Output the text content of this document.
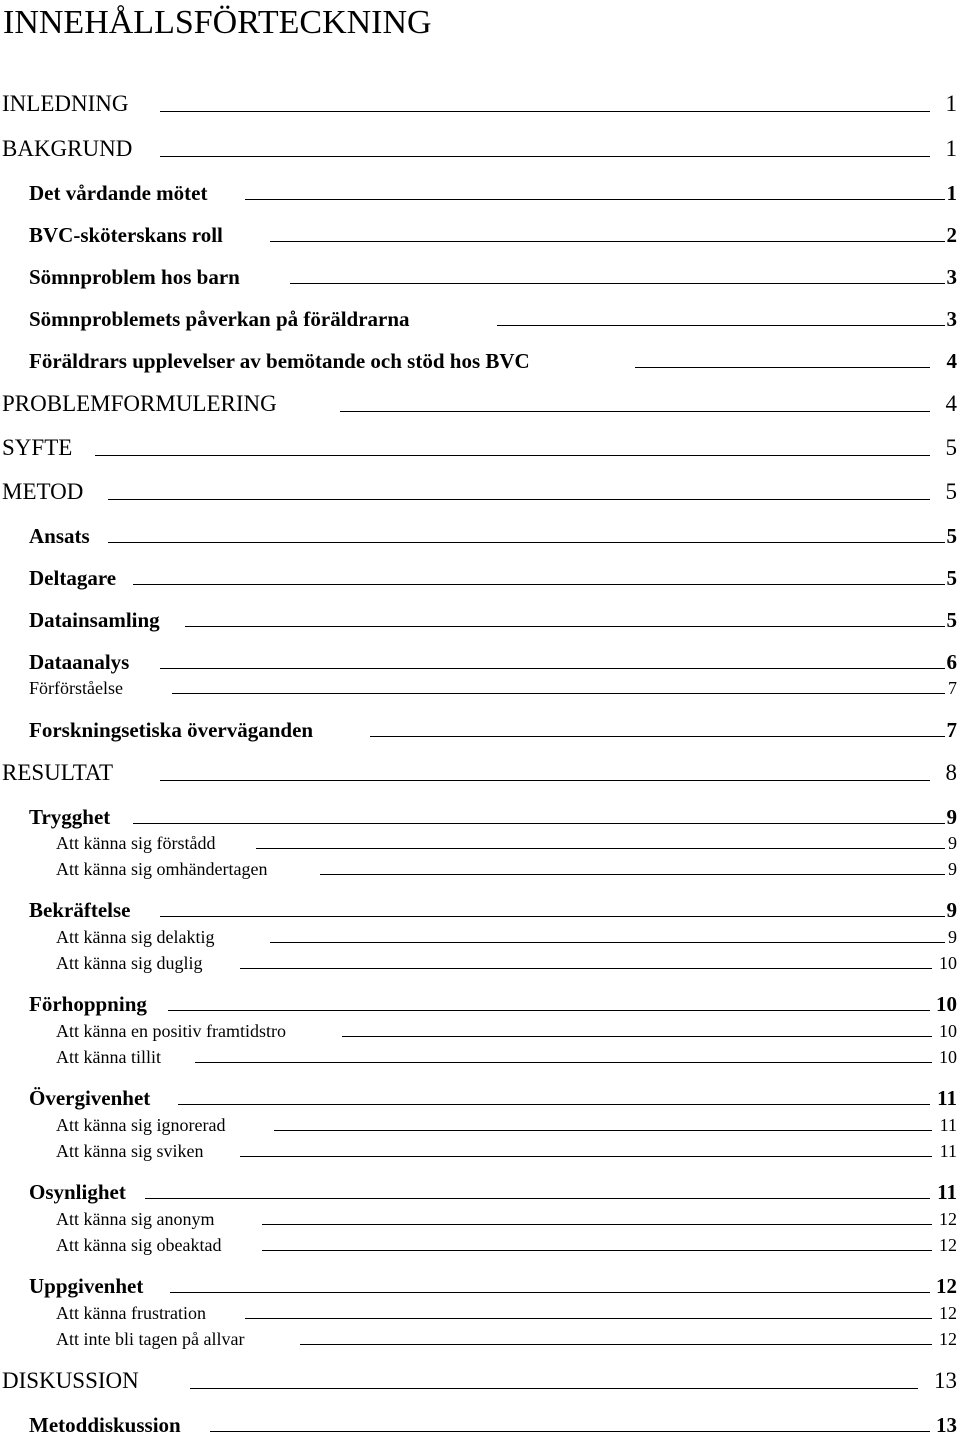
INNEHÅLLSFÖRTECKNING
INLEDNING	1
BAKGRUND	1
Det vårdande mötet	1
BVC-sköterskans roll	2
Sömnproblem hos barn	3
Sömnproblemets påverkan på föräldrarna	3
Föräldrars upplevelser av bemötande och stöd hos BVC	4
PROBLEMFORMULERING	4
SYFTE	5
METOD	5
Ansats	5
Deltagare	5
Datainsamling	5
Dataanalys	6
Förförståelse	7
Forskningsetiska överväganden	7
RESULTAT	8
Trygghet	9
Att känna sig förstådd	9
Att känna sig omhändertagen	9
Bekräftelse	9
Att känna sig delaktig	9
Att känna sig duglig	10
Förhoppning	10
Att känna en positiv framtidstro	10
Att känna tillit	10
Övergivenhet	11
Att känna sig ignorerad	11
Att känna sig sviken	11
Osynlighet	11
Att känna sig anonym	12
Att känna sig obeaktad	12
Uppgivenhet	12
Att känna frustration	12
Att inte bli tagen på allvar	12
DISKUSSION	13
Metoddiskussion	13
